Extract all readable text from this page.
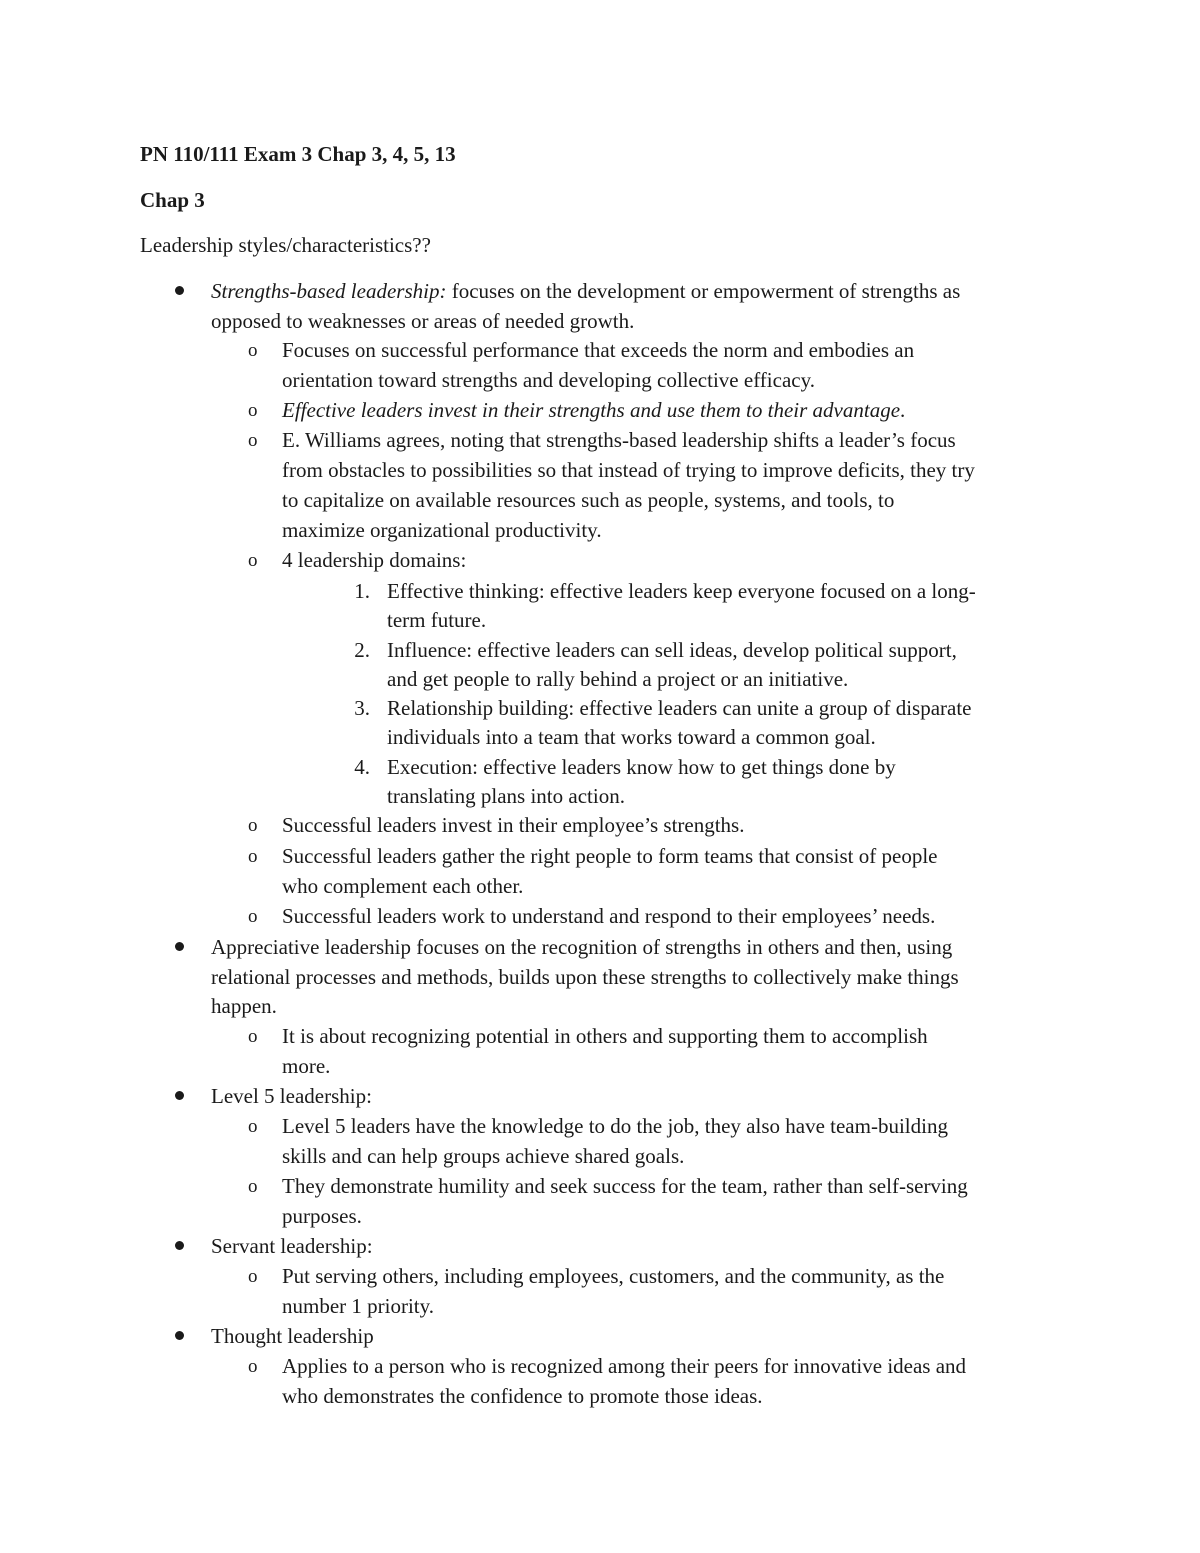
PN 110/111 Exam 3 Chap 3, 4, 5, 13
Chap 3
Leadership styles/characteristics??
Strengths-based leadership: focuses on the development or empowerment of strengths as
opposed to weaknesses or areas of needed growth.
o Focuses on successful performance that exceeds the norm and embodies an
orientation toward strengths and developing collective efficacy.
o Effective leaders invest in their strengths and use them to their advantage.
o E. Williams agrees, noting that strengths-based leadership shifts a leader’s focus
from obstacles to possibilities so that instead of trying to improve deficits, they try
to capitalize on available resources such as people, systems, and tools, to
maximize organizational productivity.
o 4 leadership domains:
1. Effective thinking: effective leaders keep everyone focused on a long-
term future.
2. Influence: effective leaders can sell ideas, develop political support,
and get people to rally behind a project or an initiative.
3. Relationship building: effective leaders can unite a group of disparate
individuals into a team that works toward a common goal.
4. Execution: effective leaders know how to get things done by
translating plans into action.
o Successful leaders invest in their employee’s strengths.
o Successful leaders gather the right people to form teams that consist of people
who complement each other.
o Successful leaders work to understand and respond to their employees’ needs.
Appreciative leadership focuses on the recognition of strengths in others and then, using
relational processes and methods, builds upon these strengths to collectively make things
happen.
o It is about recognizing potential in others and supporting them to accomplish
more.
Level 5 leadership:
o Level 5 leaders have the knowledge to do the job, they also have team-building
skills and can help groups achieve shared goals.
o They demonstrate humility and seek success for the team, rather than self-serving
purposes.
Servant leadership:
o Put serving others, including employees, customers, and the community, as the
number 1 priority.
Thought leadership
o Applies to a person who is recognized among their peers for innovative ideas and
who demonstrates the confidence to promote those ideas.
